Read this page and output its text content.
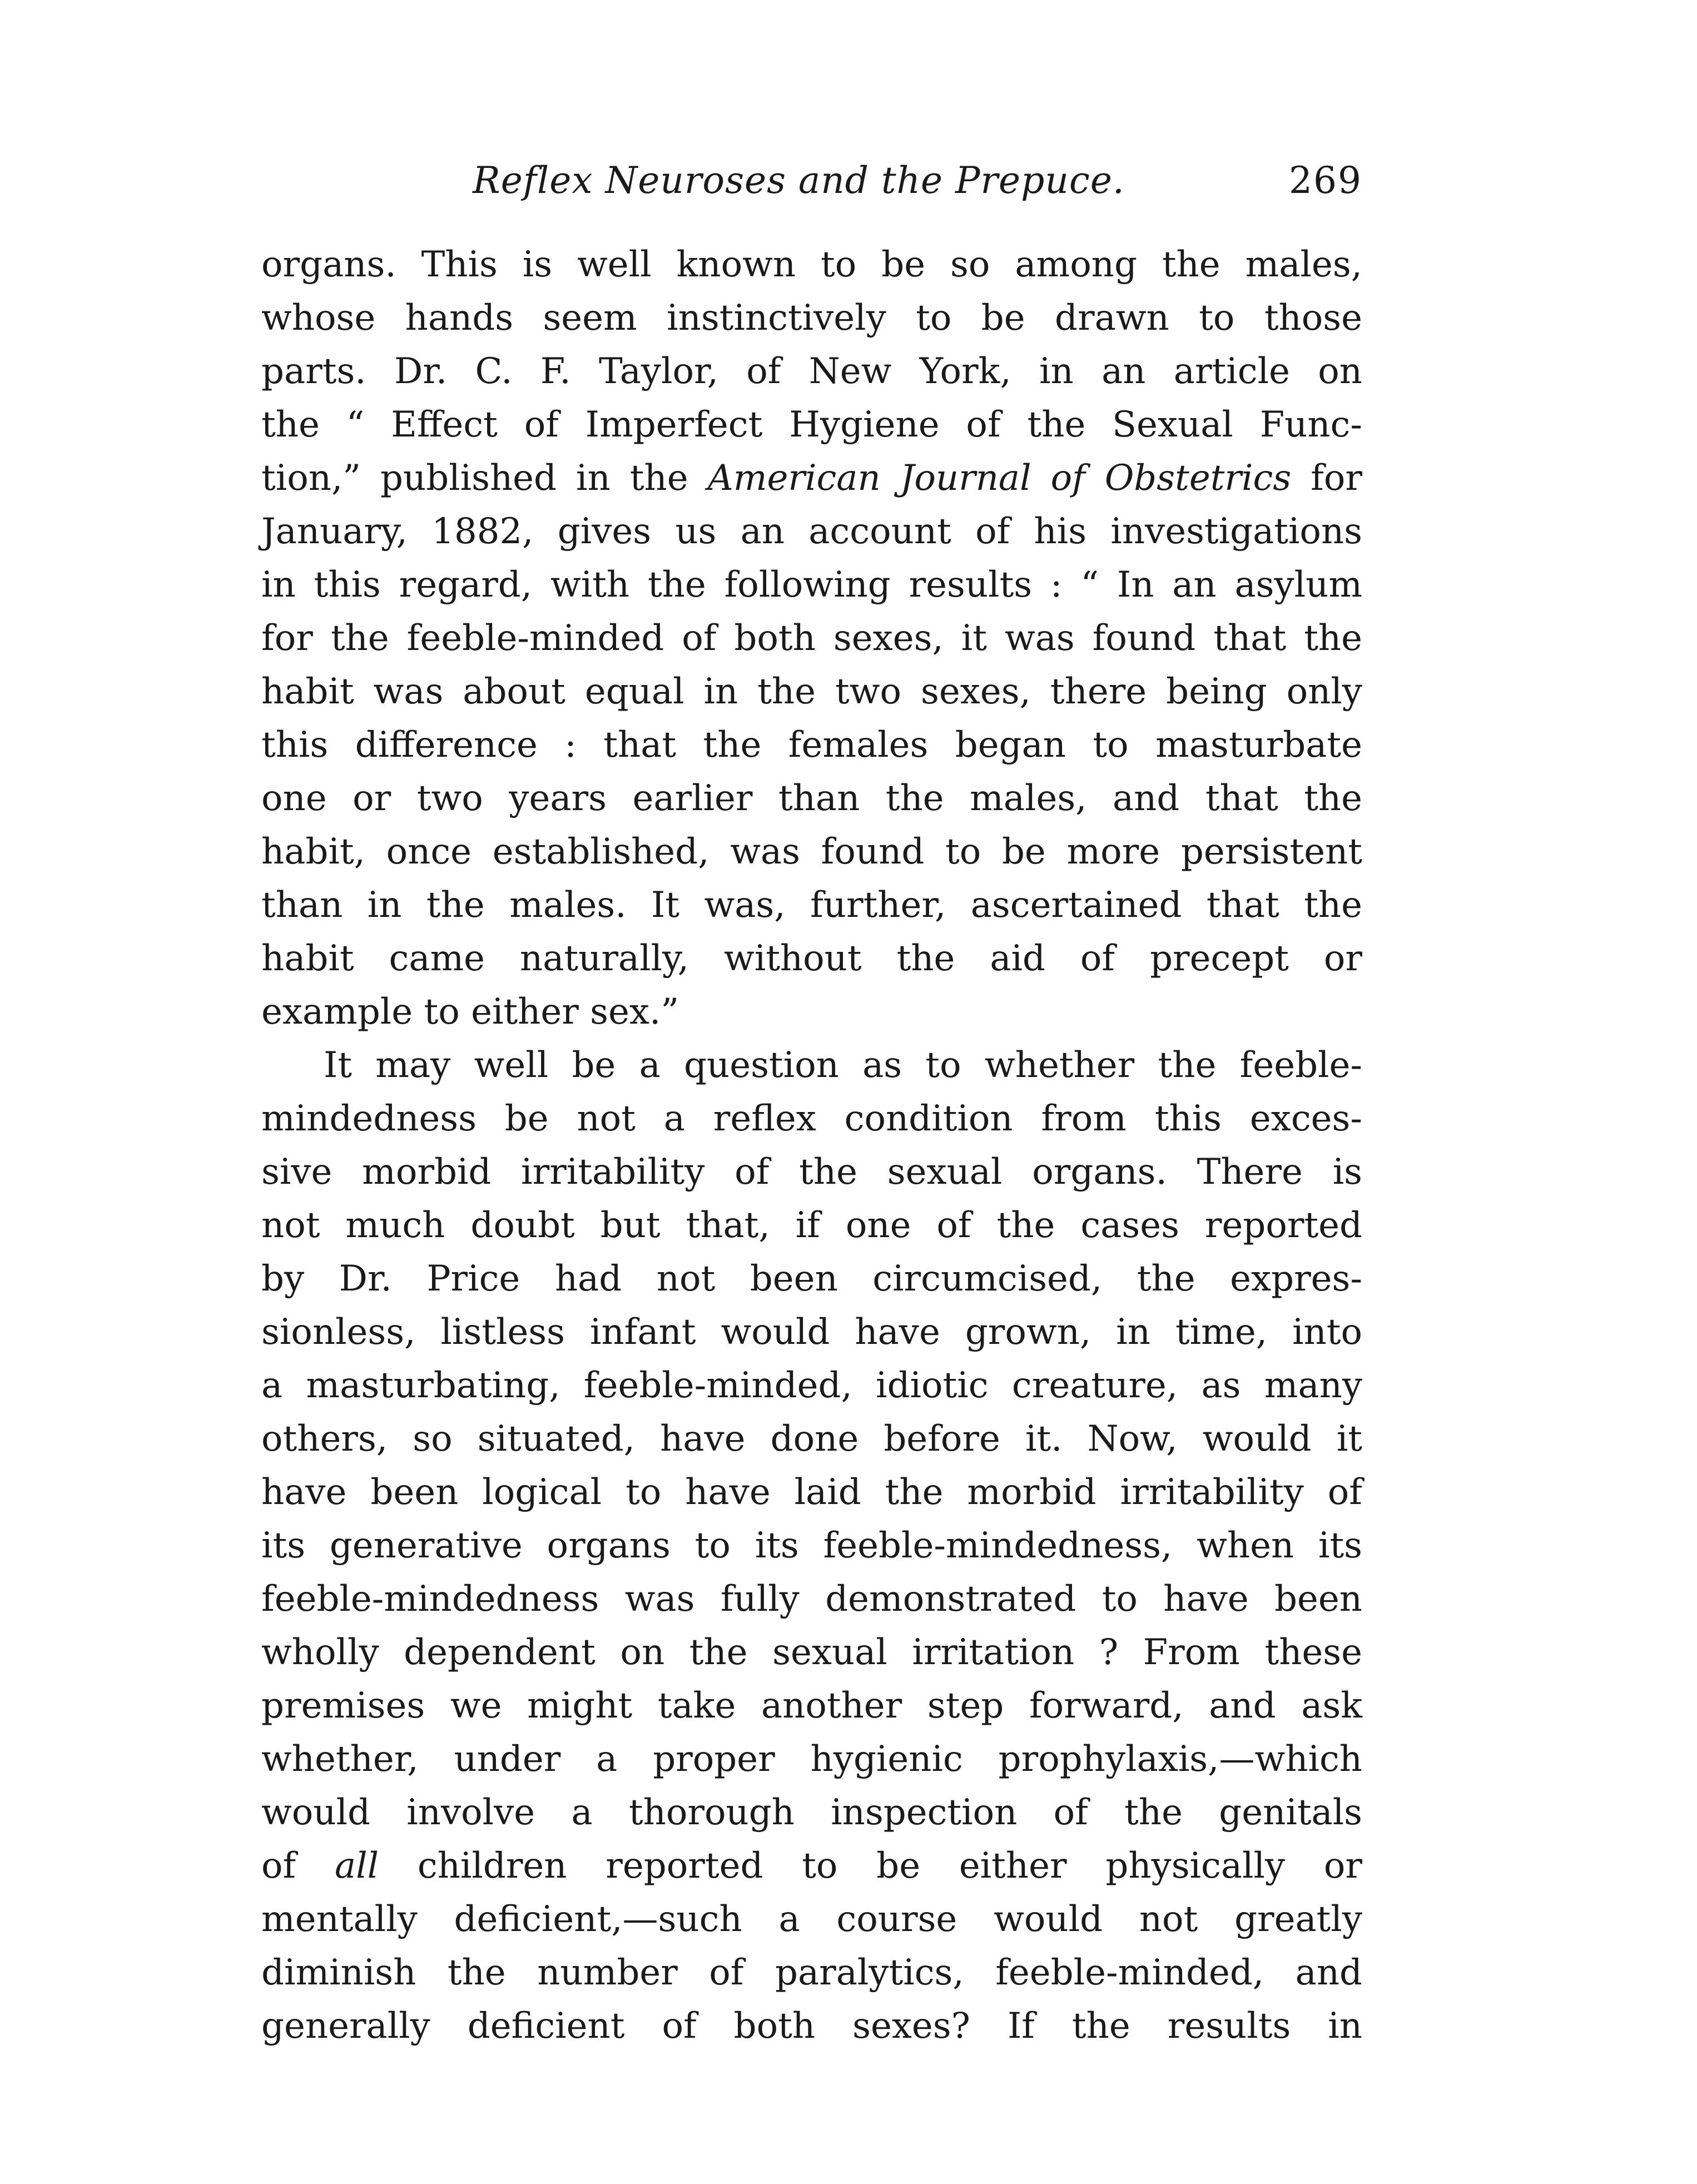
Reflex Neuroses and the Prepuce.	269
organs. This is well known to be so among the males,
whose hands seem instinctively to be drawn to those
parts. Dr. C. F. Taylor, of New York, in an article on
the “ Effect of Imperfect Hygiene of the Sexual Func-
tion,” published in the American Journal of Obstetrics for
January, 1882, gives us an account of his investigations
in this regard, with the following results : “ In an asylum
for the feeble-minded of both sexes, it was found that the
habit was about equal in the two sexes, there being only
this difference : that the females began to masturbate
one or two years earlier than the males, and that the
habit, once established, was found to be more persistent
than in the males. It was, further, ascertained that the
habit came naturally, without the aid of precept or
example to either sex.”
It may well be a question as to whether the feeble-
mindedness be not a reflex condition from this exces-
sive morbid irritability of the sexual organs. There is
not much doubt but that, if one of the cases reported
by Dr. Price had not been circumcised, the expres-
sionless, listless infant would have grown, in time, into
a masturbating, feeble-minded, idiotic creature, as many
others, so situated, have done before it. Now, would it
have been logical to have laid the morbid irritability of
its generative organs to its feeble-mindedness, when its
feeble-mindedness was fully demonstrated to have been
wholly dependent on the sexual irritation ? From these
premises we might take another step forward, and ask
whether, under a proper hygienic prophylaxis,—which
would involve a thorough inspection of the genitals
of all children reported to be either physically or
mentally deficient,—such a course would not greatly
diminish the number of paralytics, feeble-minded, and
generally deficient of both sexes? If the results in
